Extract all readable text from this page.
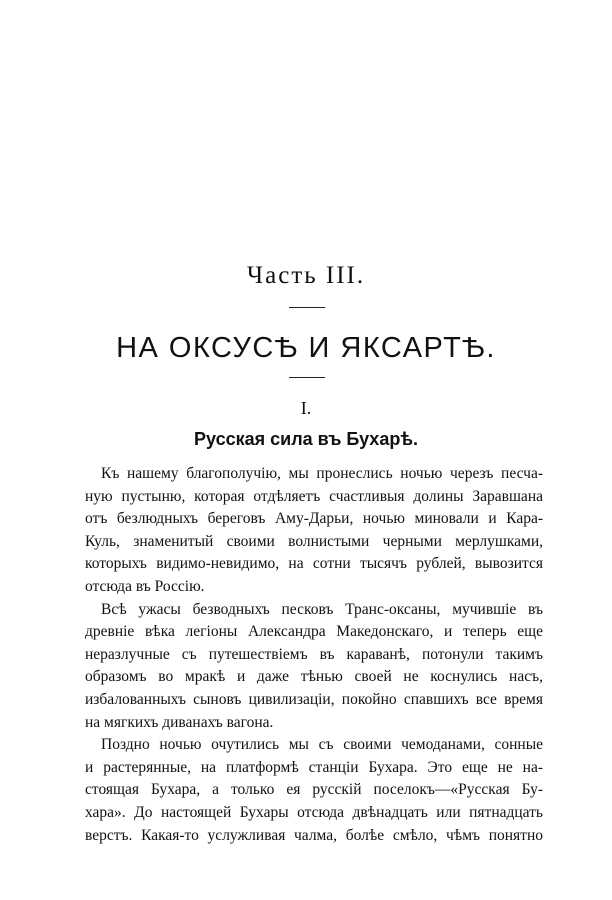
Часть III.
НА ОКСУСѢ И ЯКСАРТѢ.
I.
Русская сила въ Бухарѣ.
Къ нашему благополучію, мы пронеслись ночью черезъ песча-
ную пустыню, которая отдѣляетъ счастливыя долины Заравшана
отъ безлюдныхъ береговъ Аму-Дарьи, ночью миновали и Кара-
Куль, знаменитый своими волнистыми черными мерлушками,
которыхъ видимо-невидимо, на сотни тысячъ рублей, вывозится
отсюда въ Россію.
Всѣ ужасы безводныхъ песковъ Транс-оксаны, мучившіе въ
древніе вѣка легіоны Александра Македонскаго, и теперь еще
неразлучные съ путешествіемъ въ караванѣ, потонули такимъ
образомъ во мракѣ и даже тѣнью своей не коснулись насъ,
избалованныхъ сыновъ цивилизаціи, покойно спавшихъ все время
на мягкихъ диванахъ вагона.
Поздно ночью очутились мы съ своими чемоданами, сонные
и растерянные, на платформѣ станціи Бухара. Это еще не на-
стоящая Бухара, а только ея русскій поселокъ—«Русская Бу-
хара». До настоящей Бухары отсюда двѣнадцать или пятнадцать
верстъ. Какая-то услужливая чалма, болѣе смѣло, чѣмъ понятно
